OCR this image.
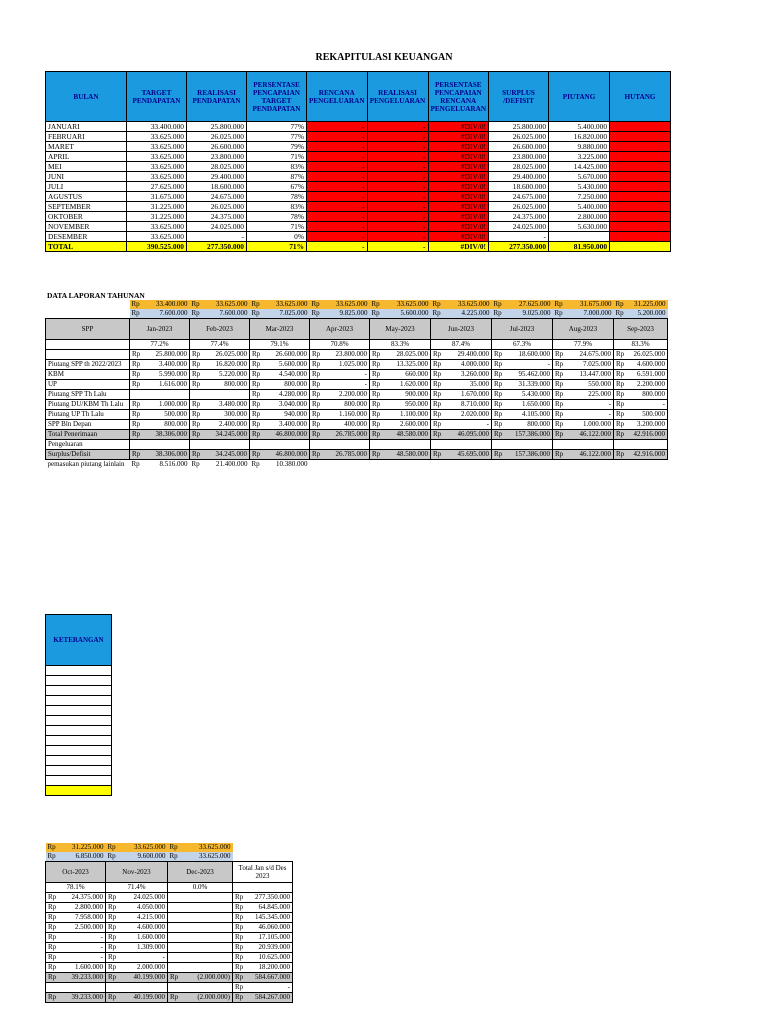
REKAPITULASI KEUANGAN
BULAN	TARGET PENDAPATAN	REALISASI PENDAPATAN	PERSENTASE PENCAPAIAN TARGET PENDAPATAN	RENCANA PENGELUARAN	REALISASI PENGELUARAN	PERSENTASE PENCAPAIAN RENCANA PENGELUARAN	SURPLUS /DEFISIT	PIUTANG	HUTANG
JANUARI	33.400.000	25.800.000	77%	-	-	#DIV/0!	25.800.000	5.400.000	
FEBRUARI	33.625.000	26.025.000	77%	-	-	#DIV/0!	26.025.000	16.820.000	
MARET	33.625.000	26.600.000	79%	-	-	#DIV/0!	26.600.000	9.880.000	
APRIL	33.625.000	23.800.000	71%	-	-	#DIV/0!	23.800.000	3.225.000	
MEI	33.625.000	28.025.000	83%	-	-	#DIV/0!	28.025.000	14.425.000	
JUNI	33.625.000	29.400.000	87%	-	-	#DIV/0!	29.400.000	5.670.000	
JULI	27.625.000	18.600.000	67%	-	-	#DIV/0!	18.600.000	5.430.000	
AGUSTUS	31.675.000	24.675.000	78%	-	-	#DIV/0!	24.675.000	7.250.000	
SEPTEMBER	31.225.000	26.025.000	83%	-	-	#DIV/0!	26.025.000	5.400.000	
OKTOBER	31.225.000	24.375.000	78%	-	-	#DIV/0!	24.375.000	2.800.000	
NOVEMBER	33.625.000	24.025.000	71%	-	-	#DIV/0!	24.025.000	5.630.000	
DESEMBER	33.625.000	-	0%	-	-	#DIV/0!	-		
TOTAL	390.525.000	277.350.000	71%	-	-	#DIV/0!	277.350.000	81.950.000	
DATA LAPORAN TAHUNAN
	Rp	33.400.000	Rp	33.625.000	Rp	33.625.000	Rp	33.625.000	Rp	33.625.000	Rp	33.625.000	Rp	27.625.000	Rp	31.675.000	Rp	31.225.000
	Rp	7.600.000	Rp	7.600.000	Rp	7.025.000	Rp	9.825.000	Rp	5.600.000	Rp	4.225.000	Rp	9.025.000	Rp	7.000.000	Rp	5.200.000
SPP	Jan-2023		Feb-2023		Mar-2023		Apr-2023		May-2023		Jun-2023		Jul-2023		Aug-2023		Sep-2023	
	77.2%		77.4%		79.1%		70.8%		83.3%		87.4%		67.3%		77.9%		83.3%	
	Rp	25.800.000	Rp	26.025.000	Rp	26.600.000	Rp	23.800.000	Rp	28.025.000	Rp	29.400.000	Rp	18.600.000	Rp	24.675.000	Rp	26.025.000
Piutang SPP th 2022/2023	Rp	3.400.000	Rp	16.820.000	Rp	5.600.000	Rp	1.025.000	Rp	13.325.000	Rp	4.000.000	Rp	-	Rp	7.025.000	Rp	4.600.000
KBM	Rp	5.990.000	Rp	5.220.000	Rp	4.540.000	Rp	-	Rp	660.000	Rp	3.260.000	Rp	95.462.000	Rp	13.447.000	Rp	6.591.000
UP	Rp	1.616.000	Rp	800.000	Rp	800.000	Rp	-	Rp	1.620.000	Rp	35.000	Rp	31.339.000	Rp	550.000	Rp	2.200.000
Piutang SPP Th Lalu					Rp	4.280.000	Rp	2.200.000	Rp	900.000	Rp	1.670.000	Rp	5.430.000	Rp	225.000	Rp	800.000
Piutang DU/KBM Th Lalu	Rp	1.000.000	Rp	3.480.000	Rp	3.040.000	Rp	800.000	Rp	950.000	Rp	8.710.000	Rp	1.650.000	Rp	-	Rp	-
Piutang UP Th Lalu	Rp	500.000	Rp	300.000	Rp	940.000	Rp	1.160.000	Rp	1.100.000	Rp	2.020.000	Rp	4.105.000	Rp	-	Rp	500.000
SPP Bln Depan	Rp	800.000	Rp	2.400.000	Rp	3.400.000	Rp	400.000	Rp	2.600.000	Rp	-	Rp	800.000	Rp	1.000.000	Rp	3.200.000
Total Penerimaan	Rp	38.306.000	Rp	34.245.000	Rp	46.800.000	Rp	26.785.000	Rp	48.580.000	Rp	46.095.000	Rp	157.386.000	Rp	46.122.000	Rp	42.916.000
Pengeluaran																		
Surplus/Defisit	Rp	38.306.000	Rp	34.245.000	Rp	46.800.000	Rp	26.785.000	Rp	48.580.000	Rp	45.695.000	Rp	157.386.000	Rp	46.122.000	Rp	42.916.000
pemasukan piutang lainlain	Rp	8.516.000	Rp	21.400.000	Rp	10.380.000												
KETERANGAN

Rp	31.225.000	Rp	33.625.000	Rp	33.625.000		
Rp	6.850.000	Rp	9.600.000	Rp	33.625.000		
Oct-2023		Nov-2023		Dec-2023		Total Jan s/d Des 2023	
78.1%		71.4%		0.0%			
Rp	24.375.000	Rp	24.025.000			Rp	277.350.000
Rp	2.800.000	Rp	4.050.000			Rp	64.845.000
Rp	7.958.000	Rp	4.215.000			Rp	145.345.000
Rp	2.500.000	Rp	4.600.000			Rp	46.060.000
Rp	-	Rp	1.600.000			Rp	17.105.000
Rp	-	Rp	1.309.000			Rp	20.939.000
Rp	-	Rp	-			Rp	10.625.000
Rp	1.600.000	Rp	2.000.000			Rp	18.200.000
Rp	39.233.000	Rp	40.199.000	Rp	(2.000.000)	Rp	584.667.000
						Rp	-
Rp	39.233.000	Rp	40.199.000	Rp	(2.000.000)	Rp	584.267.000
